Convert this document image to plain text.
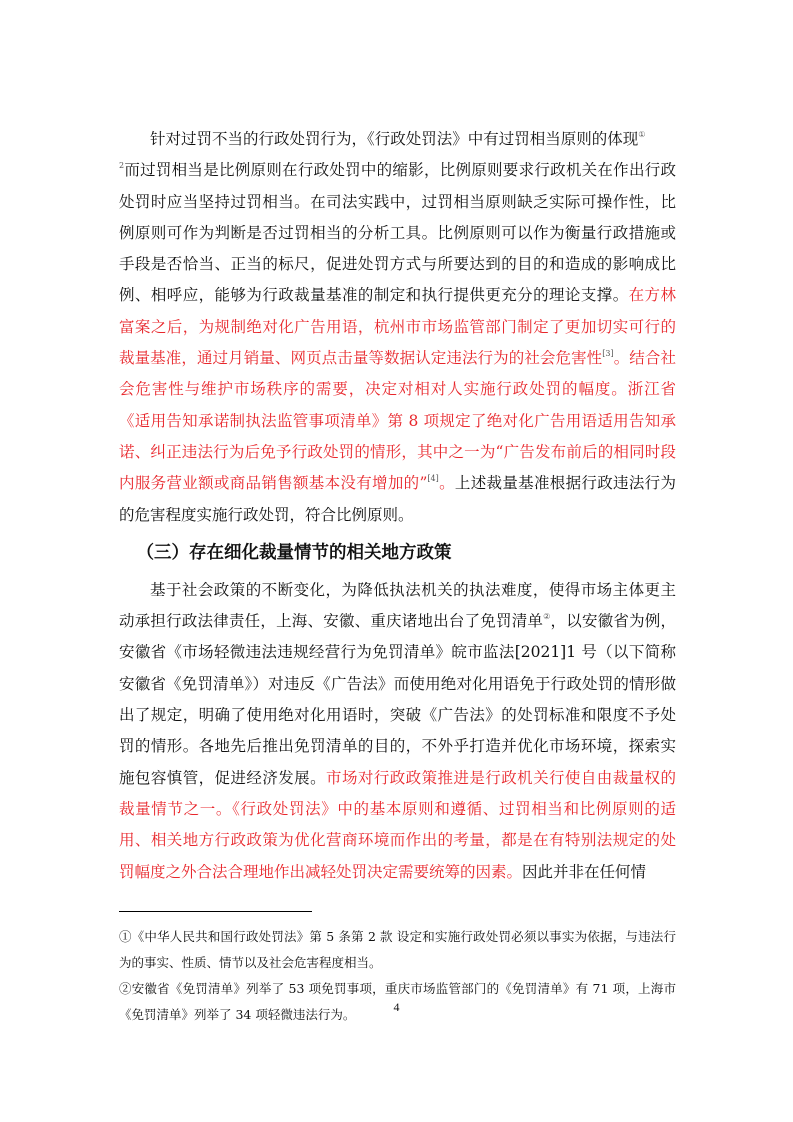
针对过罚不当的行政处罚行为，《行政处罚法》中有过罚相当原则的体现①
$^2$而过罚相当是比例原则在行政处罚中的缩影，比例原则要求行政机关在作出行政处罚时应当坚持过罚相当。在司法实践中，过罚相当原则缺乏实际可操作性，比例原则可作为判断是否过罚相当的分析工具。比例原则可以作为衡量行政措施或手段是否恰当、正当的标尺，促进处罚方式与所要达到的目的和造成的影响成比例、相呼应，能够为行政裁量基准的制定和执行提供更充分的理论支撑。在方林富案之后，为规制绝对化广告用语，杭州市市场监管部门制定了更加切实可行的裁量基准，通过月销量、网页点击量等数据认定违法行为的社会危害性[3]。结合社会危害性与维护市场秩序的需要，决定对相对人实施行政处罚的幅度。浙江省《适用告知承诺制执法监管事项清单》第 8 项规定了绝对化广告用语适用告知承诺、纠正违法行为后免予行政处罚的情形，其中之一为“广告发布前后的相同时段内服务营业额或商品销售额基本没有增加的”[4]。上述裁量基准根据行政违法行为的危害程度实施行政处罚，符合比例原则。

（三）存在细化裁量情节的相关地方政策

基于社会政策的不断变化，为降低执法机关的执法难度，使得市场主体更主动承担行政法律责任，上海、安徽、重庆诸地出台了免罚清单②，以安徽省为例，安徽省《市场轻微违法违规经营行为免罚清单》皖市监法[2021]1 号（以下简称安徽省《免罚清单》）对违反《广告法》而使用绝对化用语免于行政处罚的情形做出了规定，明确了使用绝对化用语时，突破《广告法》的处罚标准和限度不予处罚的情形。各地先后推出免罚清单的目的，不外乎打造并优化市场环境，探索实施包容慎管，促进经济发展。市场对行政政策推进是行政机关行使自由裁量权的裁量情节之一。《行政处罚法》中的基本原则和遵循、过罚相当和比例原则的适用、相关地方行政政策为优化营商环境而作出的考量，都是在有特别法规定的处罚幅度之外合法合理地作出减轻处罚决定需要统筹的因素。因此并非在任何情

①《中华人民共和国行政处罚法》第 5 条第 2 款 设定和实施行政处罚必须以事实为依据，与违法行为的事实、性质、情节以及社会危害程度相当。

②安徽省《免罚清单》列举了 53 项免罚事项，重庆市场监管部门的《免罚清单》有 71 项，上海市《免罚清单》列举了 34 项轻微违法行为。	4
